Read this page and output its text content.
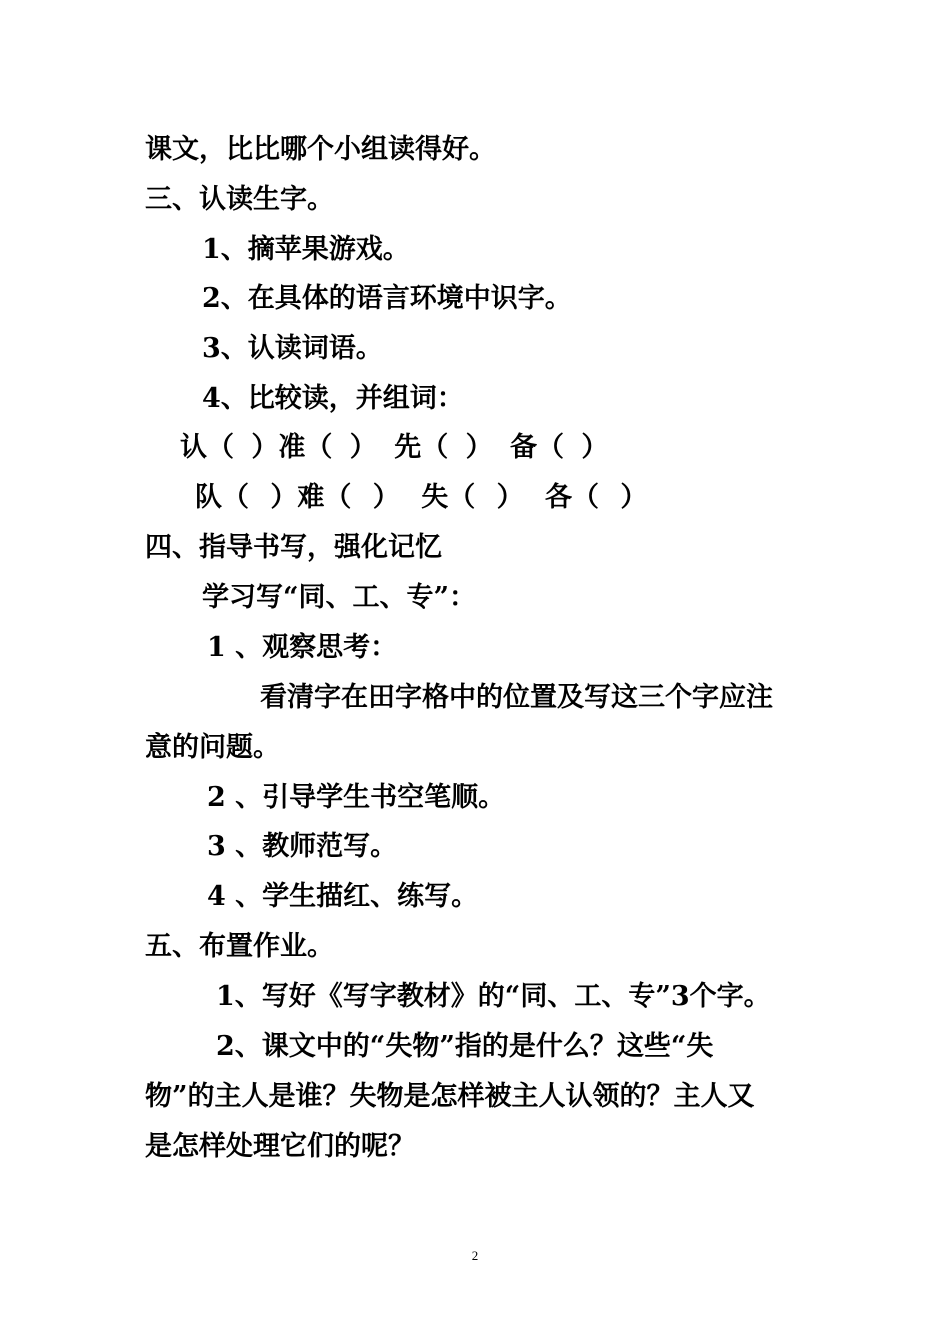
课文，比比哪个小组读得好。
三、认读生字。
1、摘苹果游戏。
2、在具体的语言环境中识字。
3、认读词语。
4、比较读，并组词：
认（ ）准（ ） 先（ ） 备（ ）
队（ ）难（ ） 失（ ） 各（ ）
四、指导书写，强化记忆
学习写“同、工、专”：
1 、观察思考：
看清字在田字格中的位置及写这三个字应注
意的问题。
2 、引导学生书空笔顺。
3 、教师范写。
4 、学生描红、练写。
五、布置作业。
1、写好《写字教材》的“同、工、专”3个字。
2、课文中的“失物”指的是什么？这些“失
物”的主人是谁？失物是怎样被主人认领的？主人又
是怎样处理它们的呢？
2
